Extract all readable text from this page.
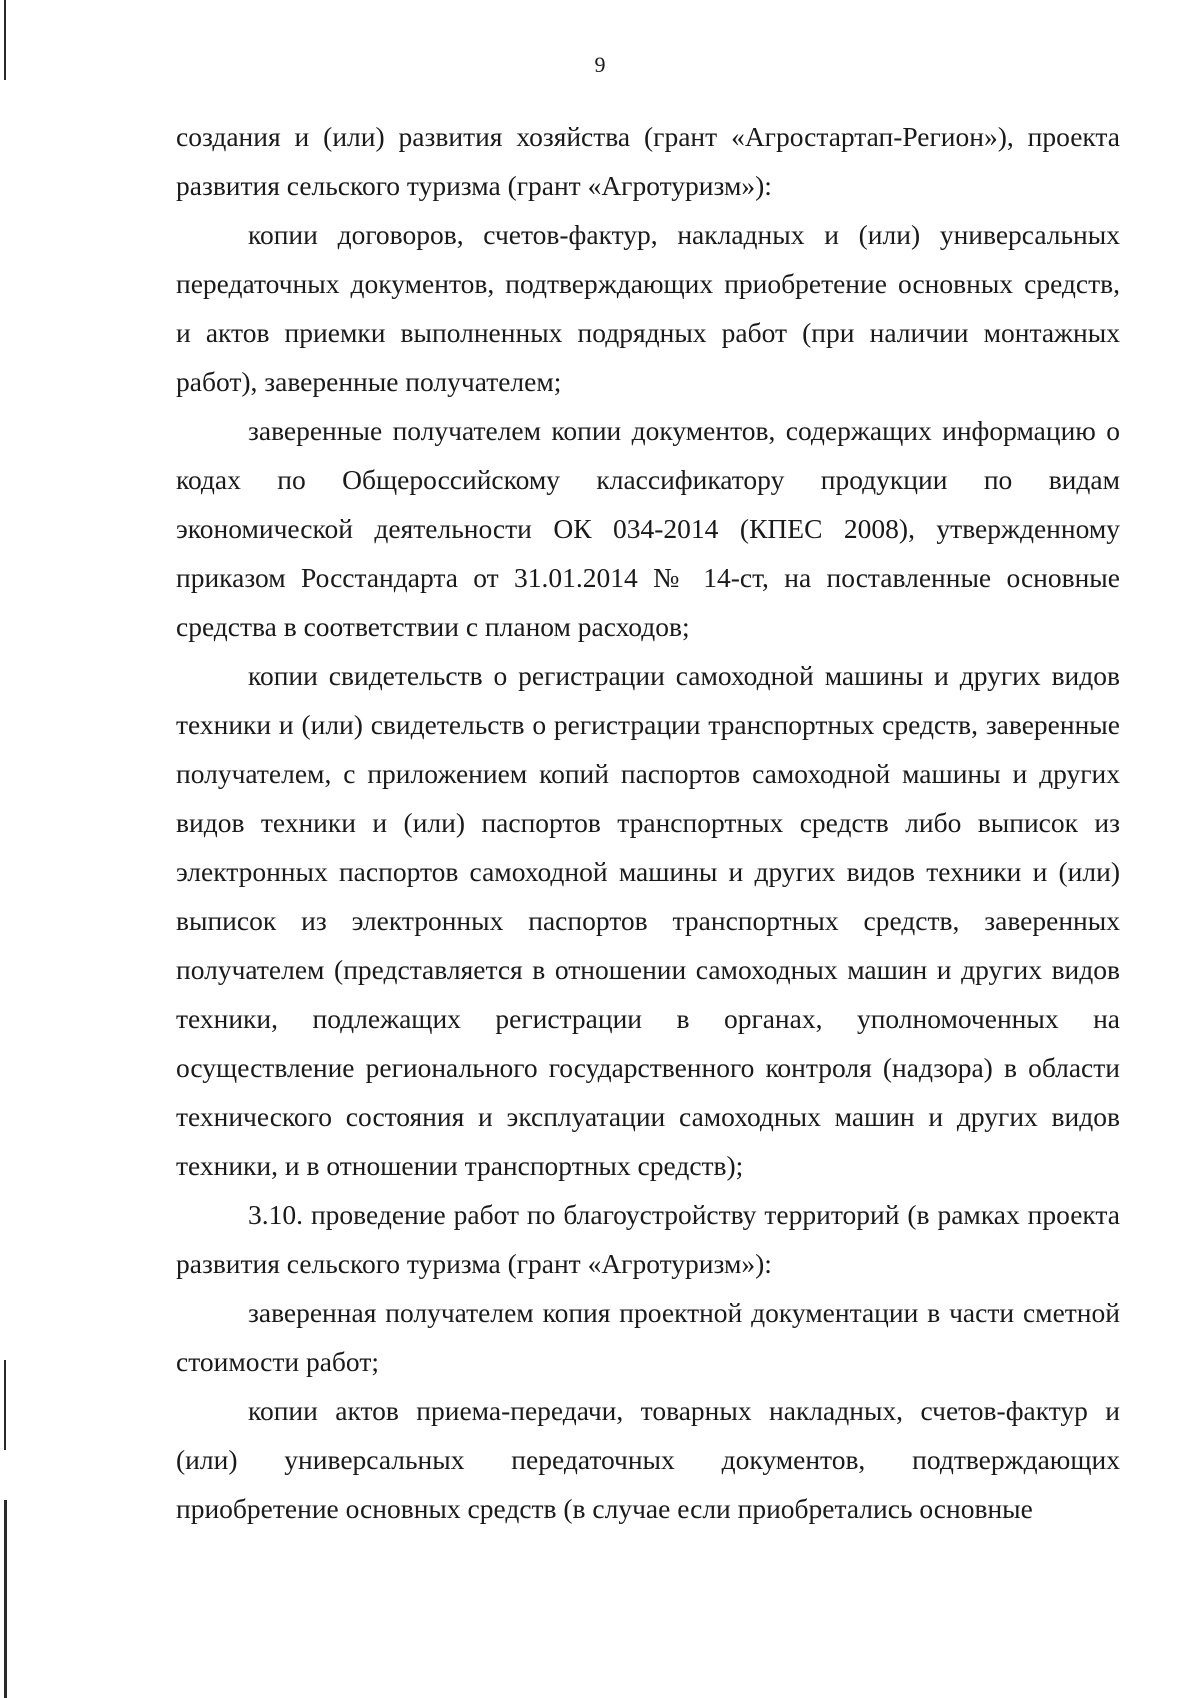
9

создания и (или) развития хозяйства (грант «Агростартап-Регион»), проекта развития сельского туризма (грант «Агротуризм»):

копии договоров, счетов-фактур, накладных и (или) универсальных передаточных документов, подтверждающих приобретение основных средств, и актов приемки выполненных подрядных работ (при наличии монтажных работ), заверенные получателем;

заверенные получателем копии документов, содержащих информацию о кодах по Общероссийскому классификатору продукции по видам экономической деятельности ОК 034-2014 (КПЕС 2008), утвержденному приказом Росстандарта от 31.01.2014 № 14-ст, на поставленные основные средства в соответствии с планом расходов;

копии свидетельств о регистрации самоходной машины и других видов техники и (или) свидетельств о регистрации транспортных средств, заверенные получателем, с приложением копий паспортов самоходной машины и других видов техники и (или) паспортов транспортных средств либо выписок из электронных паспортов самоходной машины и других видов техники и (или) выписок из электронных паспортов транспортных средств, заверенных получателем (представляется в отношении самоходных машин и других видов техники, подлежащих регистрации в органах, уполномоченных на осуществление регионального государственного контроля (надзора) в области технического состояния и эксплуатации самоходных машин и других видов техники, и в отношении транспортных средств);

3.10. проведение работ по благоустройству территорий (в рамках проекта развития сельского туризма (грант «Агротуризм»):

заверенная получателем копия проектной документации в части сметной стоимости работ;

копии актов приема-передачи, товарных накладных, счетов-фактур и (или) универсальных передаточных документов, подтверждающих приобретение основных средств (в случае если приобретались основные
